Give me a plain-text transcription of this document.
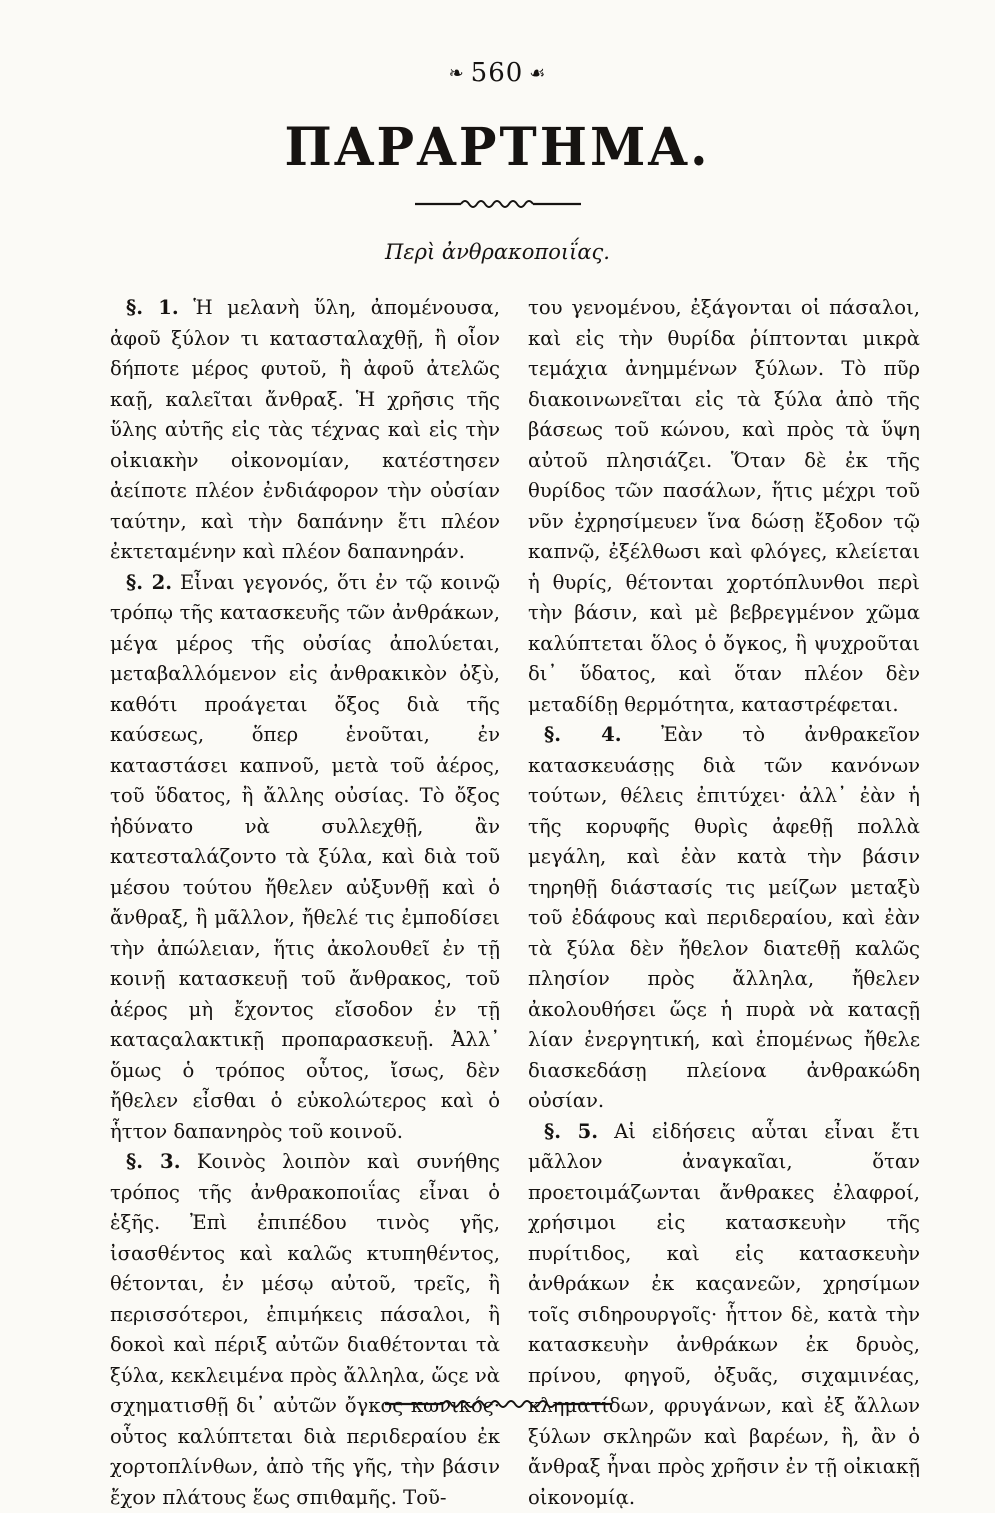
❧ 560 ☙
ΠΑΡΑΡΤΗΜΑ.
Περὶ ἀνθρακοποιΐας.

§. 1. Ἡ μελανὴ ὕλη, ἀπομένουσα, ἀφοῦ ξύλον τι κατασταλαχθῇ, ἢ οἷον δήποτε μέρος φυτοῦ, ἢ ἀφοῦ ἀτελῶς καῇ, καλεῖται ἄνθραξ. Ἡ χρῆσις τῆς ὕλης αὐτῆς εἰς τὰς τέχνας καὶ εἰς τὴν οἰκιακὴν οἰκονομίαν, κατέστησεν ἀείποτε πλέον ἐνδιάφορον τὴν οὐσίαν ταύτην, καὶ τὴν δαπάνην ἔτι πλέον ἐκτεταμένην καὶ πλέον δαπανηράν.

§. 2. Εἶναι γεγονός, ὅτι ἐν τῷ κοινῷ τρόπῳ τῆς κατασκευῆς τῶν ἀνθράκων, μέγα μέρος τῆς οὐσίας ἀπολύεται, μεταβαλλόμενον εἰς ἀνθρακικὸν ὀξὺ, καθότι προάγεται ὄξος διὰ τῆς καύσεως, ὅπερ ἑνοῦται, ἐν καταστάσει καπνοῦ, μετὰ τοῦ ἀέρος, τοῦ ὕδατος, ἢ ἄλλης οὐσίας. Τὸ ὄξος ἠδύνατο νὰ συλλεχθῇ, ἂν κατεσταλάζοντο τὰ ξύλα, καὶ διὰ τοῦ μέσου τούτου ἤθελεν αὐξυνθῇ καὶ ὁ ἄνθραξ, ἢ μᾶλλον, ἤθελέ τις ἐμποδίσει τὴν ἀπώλειαν, ἥτις ἀκολουθεῖ ἐν τῇ κοινῇ κατασκευῇ τοῦ ἄνθρακος, τοῦ ἀέρος μὴ ἔχοντος εἴσοδον ἐν τῇ καταςαλακτικῇ προπαρασκευῇ. Ἀλλ᾽ ὅμως ὁ τρόπος οὗτος, ἴσως, δὲν ἤθελεν εἶσθαι ὁ εὐκολώτερος καὶ ὁ ἧττον δαπανηρὸς τοῦ κοινοῦ.

§. 3. Κοινὸς λοιπὸν καὶ συνήθης τρόπος τῆς ἀνθρακοποιΐας εἶναι ὁ ἑξῆς. Ἐπὶ ἐπιπέδου τινὸς γῆς, ἰσασθέντος καὶ καλῶς κτυπηθέντος, θέτονται, ἐν μέσῳ αὐτοῦ, τρεῖς, ἢ περισσότεροι, ἐπιμήκεις πάσαλοι, ἢ δοκοὶ καὶ πέριξ αὐτῶν διαθέτονται τὰ ξύλα, κεκλειμένα πρὸς ἄλληλα, ὥςε νὰ σχηματισθῇ δι᾽ αὐτῶν ὄγκος κωνικός· οὗτος καλύπτεται διὰ περιδεραίου ἐκ χορτοπλίνθων, ἀπὸ τῆς γῆς, τὴν βάσιν ἔχον πλάτους ἕως σπιθαμῆς. Τοῦ-

του γενομένου, ἐξάγονται οἱ πάσαλοι, καὶ εἰς τὴν θυρίδα ῥίπτονται μικρὰ τεμάχια ἀνημμένων ξύλων. Τὸ πῦρ διακοινωνεῖται εἰς τὰ ξύλα ἀπὸ τῆς βάσεως τοῦ κώνου, καὶ πρὸς τὰ ὕψη αὐτοῦ πλησιάζει. Ὅταν δὲ ἐκ τῆς θυρίδος τῶν πασάλων, ἥτις μέχρι τοῦ νῦν ἐχρησίμευεν ἵνα δώσῃ ἔξοδον τῷ καπνῷ, ἐξέλθωσι καὶ φλόγες, κλείεται ἡ θυρίς, θέτονται χορτόπλυνθοι περὶ τὴν βάσιν, καὶ μὲ βεβρεγμένον χῶμα καλύπτεται ὅλος ὁ ὄγκος, ἢ ψυχροῦται δι᾽ ὕδατος, καὶ ὅταν πλέον δὲν μεταδίδῃ θερμότητα, καταστρέφεται.

§. 4. Ἐὰν τὸ ἀνθρακεῖον κατασκευάσῃς διὰ τῶν κανόνων τούτων, θέλεις ἐπιτύχει· ἀλλ᾽ ἐὰν ἡ τῆς κορυφῆς θυρὶς ἀφεθῇ πολλὰ μεγάλη, καὶ ἐὰν κατὰ τὴν βάσιν τηρηθῇ διάστασίς τις μείζων μεταξὺ τοῦ ἐδάφους καὶ περιδεραίου, καὶ ἐὰν τὰ ξύλα δὲν ἤθελον διατεθῇ καλῶς πλησίον πρὸς ἄλληλα, ἤθελεν ἀκολουθήσει ὥςε ἡ πυρὰ νὰ καταςῇ λίαν ἐνεργητική, καὶ ἐπομένως ἤθελε διασκεδάσῃ πλείονα ἀνθρακώδη οὐσίαν.

§. 5. Αἱ εἰδήσεις αὗται εἶναι ἔτι μᾶλλον ἀναγκαῖαι, ὅταν προετοιμάζωνται ἄνθρακες ἐλαφροί, χρήσιμοι εἰς κατασκευὴν τῆς πυρίτιδος, καὶ εἰς κατασκευὴν ἀνθράκων ἐκ καςανεῶν, χρησίμων τοῖς σιδηρουργοῖς· ἧττον δὲ, κατὰ τὴν κατασκευὴν ἀνθράκων ἐκ δρυὸς, πρίνου, φηγοῦ, ὀξυᾶς, σιχαμινέας, κληματίδων, φρυγάνων, καὶ ἐξ ἄλλων ξύλων σκληρῶν καὶ βαρέων, ἢ, ἂν ὁ ἄνθραξ ἦναι πρὸς χρῆσιν ἐν τῇ οἰκιακῇ οἰκονομίᾳ.
